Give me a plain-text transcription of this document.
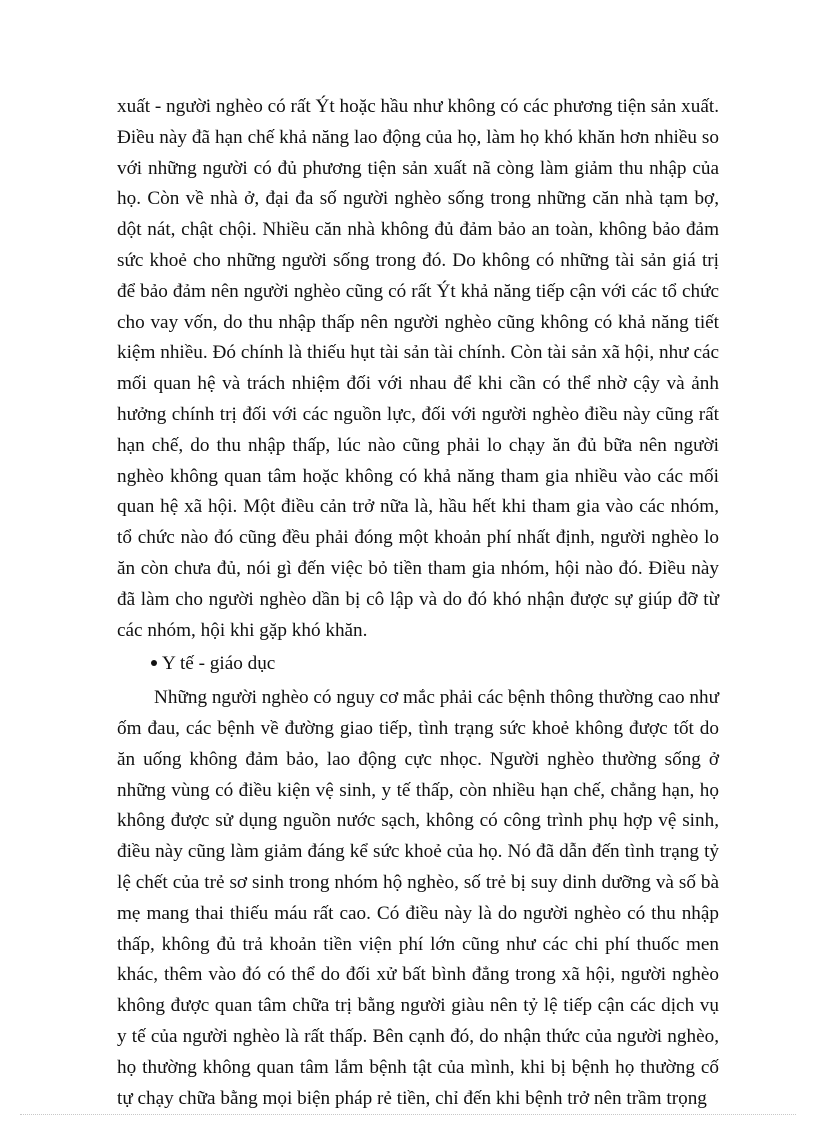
xuất - người nghèo có rất Ýt hoặc hầu như không có các phương tiện sản xuất. Điều này đã hạn chế khả năng lao động của họ, làm họ khó khăn hơn nhiều so với những người có đủ phương tiện sản xuất nã còng làm giảm thu nhập của họ. Còn về nhà ở, đại đa số người nghèo sống trong những căn nhà tạm bợ, dột nát, chật chội. Nhiều căn nhà không đủ đảm bảo an toàn, không bảo đảm sức khoẻ cho những người sống trong đó. Do không có những tài sản giá trị để bảo đảm nên người nghèo cũng có rất Ýt khả năng tiếp cận với các tổ chức cho vay vốn, do thu nhập thấp nên người nghèo cũng không có khả năng tiết kiệm nhiều. Đó chính là thiếu hụt tài sản tài chính. Còn tài sản xã hội, như các mối quan hệ và trách nhiệm đối với nhau để khi cần có thể nhờ cậy và ảnh hưởng chính trị đối với các nguồn lực, đối với người nghèo điều này cũng rất hạn chế, do thu nhập thấp, lúc nào cũng phải lo chạy ăn đủ bữa nên người nghèo không quan tâm hoặc không có khả năng tham gia nhiều vào các mối quan hệ xã hội. Một điều cản trở nữa là, hầu hết khi tham gia vào các nhóm, tổ chức nào đó cũng đều phải đóng một khoản phí nhất định, người nghèo lo ăn còn chưa đủ, nói gì đến việc bỏ tiền tham gia nhóm, hội nào đó. Điều này đã làm cho người nghèo dần bị cô lập và do đó khó nhận được sự giúp đỡ từ các nhóm, hội khi gặp khó khăn.

Y tế - giáo dục

Những người nghèo có nguy cơ mắc phải các bệnh thông thường cao như ốm đau, các bệnh về đường giao tiếp, tình trạng sức khoẻ không được tốt do ăn uống không đảm bảo, lao động cực nhọc. Người nghèo thường sống ở những vùng có điều kiện vệ sinh, y tế thấp, còn nhiều hạn chế, chẳng hạn, họ không được sử dụng nguồn nước sạch, không có công trình phụ hợp vệ sinh, điều này cũng làm giảm đáng kể sức khoẻ của họ. Nó đã dẫn đến tình trạng tỷ lệ chết của trẻ sơ sinh trong nhóm hộ nghèo, số trẻ bị suy dinh dưỡng và số bà mẹ mang thai thiếu máu rất cao. Có điều này là do người nghèo có thu nhập thấp, không đủ trả khoản tiền viện phí lớn cũng như các chi phí thuốc men khác, thêm vào đó có thể do đối xử bất bình đẳng trong xã hội, người nghèo không được quan tâm chữa trị bằng người giàu nên tỷ lệ tiếp cận các dịch vụ y tế của người nghèo là rất thấp. Bên cạnh đó, do nhận thức của người nghèo, họ thường không quan tâm lắm bệnh tật của mình, khi bị bệnh họ thường cố tự chạy chữa bằng mọi biện pháp rẻ tiền, chỉ đến khi bệnh trở nên trầm trọng
